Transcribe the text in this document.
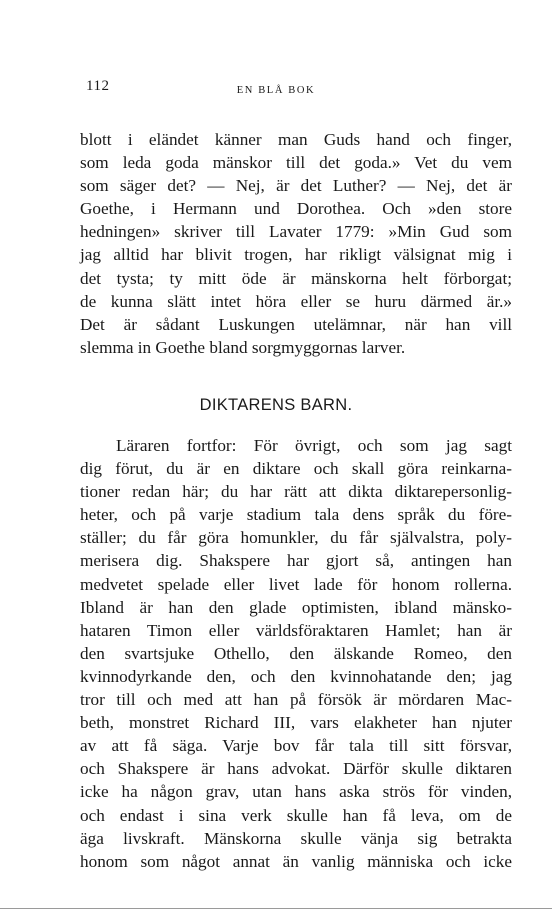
112	EN BLÅ BOK
blott i eländet känner man Guds hand och finger,
som leda goda mänskor till det goda.» Vet du vem
som säger det? — Nej, är det Luther? — Nej, det är
Goethe, i Hermann und Dorothea. Och »den store
hedningen» skriver till Lavater 1779: »Min Gud som
jag alltid har blivit trogen, har rikligt välsignat mig i
det tysta; ty mitt öde är mänskorna helt förborgat;
de kunna slätt intet höra eller se huru därmed är.»
Det är sådant Luskungen utelämnar, när han vill
slemma in Goethe bland sorgmyggornas larver.
DIKTARENS BARN.
Läraren fortfor: För övrigt, och som jag sagt
dig förut, du är en diktare och skall göra reinkarna-
tioner redan här; du har rätt att dikta diktarepersonlig-
heter, och på varje stadium tala dens språk du före-
ställer; du får göra homunkler, du får självalstra, poly-
merisera dig. Shakspere har gjort så, antingen han
medvetet spelade eller livet lade för honom rollerna.
Ibland är han den glade optimisten, ibland mänsko-
hataren Timon eller världsföraktaren Hamlet; han är
den svartsjuke Othello, den älskande Romeo, den
kvinnodyrkande den, och den kvinnohatande den; jag
tror till och med att han på försök är mördaren Mac-
beth, monstret Richard III, vars elakheter han njuter
av att få säga. Varje bov får tala till sitt försvar,
och Shakspere är hans advokat. Därför skulle diktaren
icke ha någon grav, utan hans aska strös för vinden,
och endast i sina verk skulle han få leva, om de
äga livskraft. Mänskorna skulle vänja sig betrakta
honom som något annat än vanlig människa och icke
